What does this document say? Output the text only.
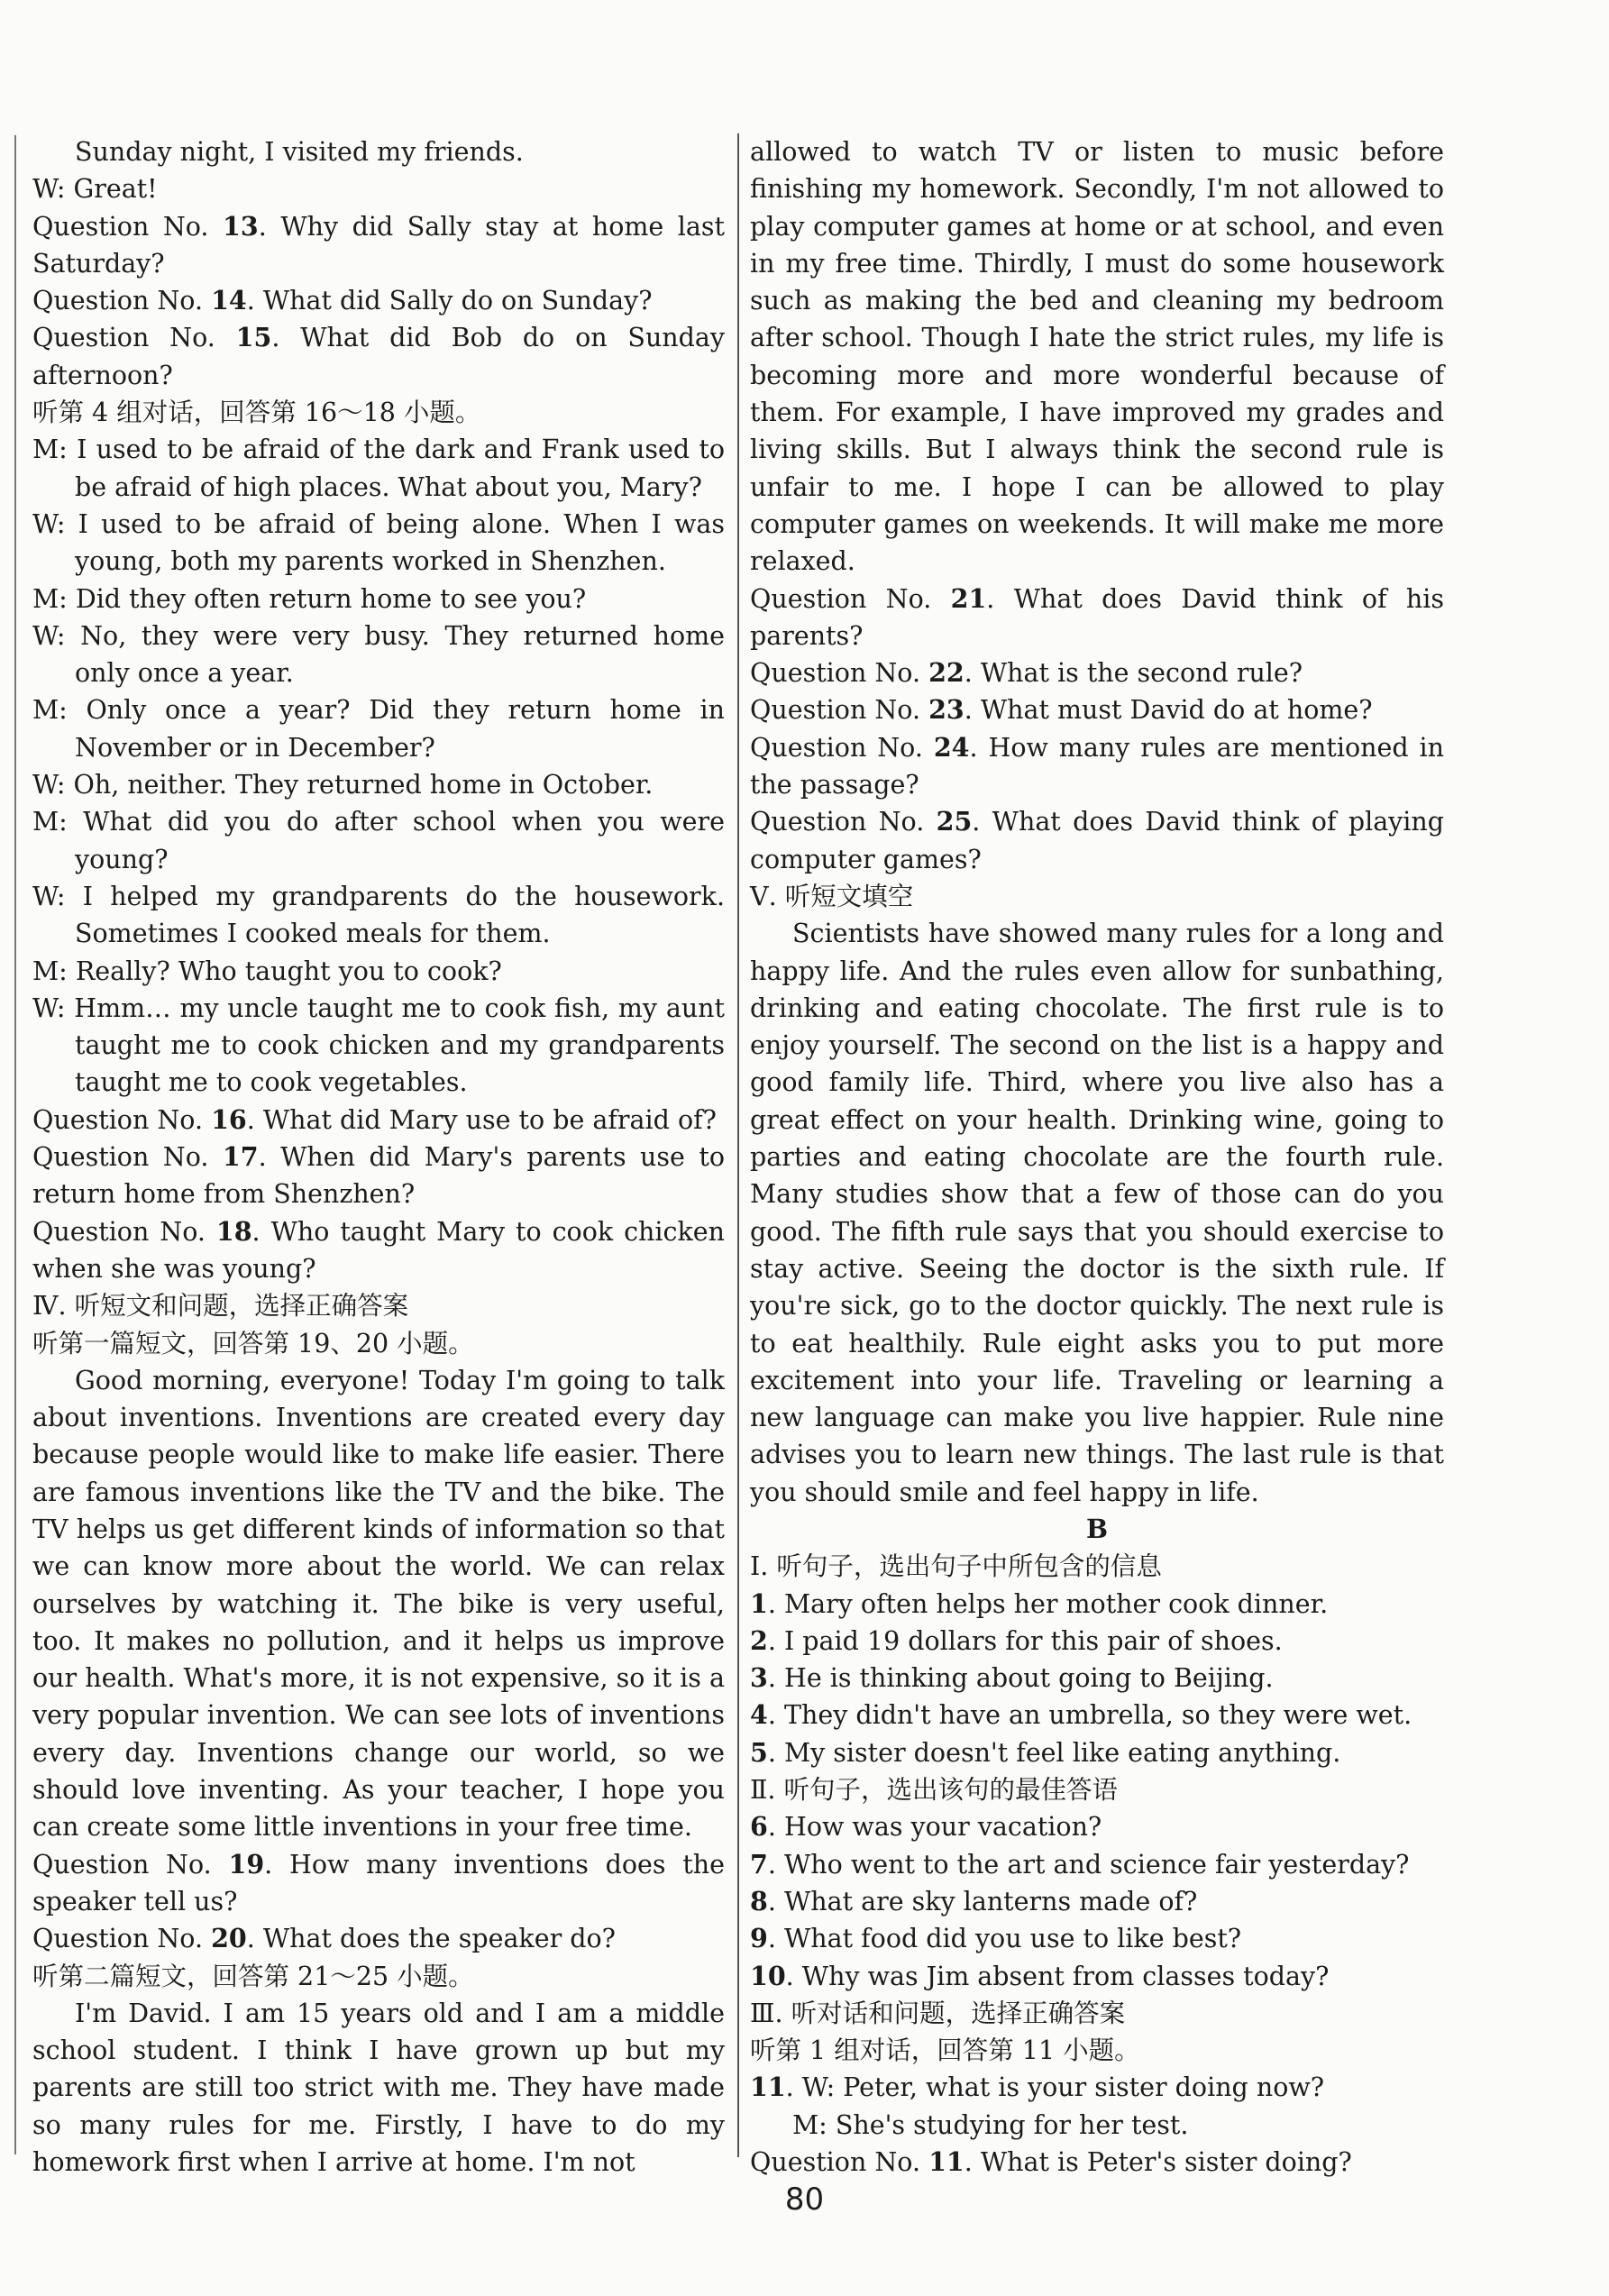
Sunday night, I visited my friends.

W: Great!

Question No. 13. Why did Sally stay at home last Saturday?

Question No. 14. What did Sally do on Sunday?

Question No. 15. What did Bob do on Sunday afternoon?

听第 4 组对话，回答第 16～18 小题。

M: I used to be afraid of the dark and Frank used to be afraid of high places. What about you, Mary?

W: I used to be afraid of being alone. When I was young, both my parents worked in Shenzhen.

M: Did they often return home to see you?

W: No, they were very busy. They returned home only once a year.

M: Only once a year? Did they return home in November or in December?

W: Oh, neither. They returned home in October.

M: What did you do after school when you were young?

W: I helped my grandparents do the housework. Sometimes I cooked meals for them.

M: Really? Who taught you to cook?

W: Hmm… my uncle taught me to cook fish, my aunt taught me to cook chicken and my grandparents taught me to cook vegetables.

Question No. 16. What did Mary use to be afraid of?

Question No. 17. When did Mary's parents use to return home from Shenzhen?

Question No. 18. Who taught Mary to cook chicken when she was young?

Ⅳ. 听短文和问题，选择正确答案

听第一篇短文，回答第 19、20 小题。

Good morning, everyone! Today I'm going to talk about inventions. Inventions are created every day because people would like to make life easier. There are famous inventions like the TV and the bike. The TV helps us get different kinds of information so that we can know more about the world. We can relax ourselves by watching it. The bike is very useful, too. It makes no pollution, and it helps us improve our health. What's more, it is not expensive, so it is a very popular invention. We can see lots of inventions every day. Inventions change our world, so we should love inventing. As your teacher, I hope you can create some little inventions in your free time.

Question No. 19. How many inventions does the speaker tell us?

Question No. 20. What does the speaker do?

听第二篇短文，回答第 21～25 小题。

I'm David. I am 15 years old and I am a middle school student. I think I have grown up but my parents are still too strict with me. They have made so many rules for me. Firstly, I have to do my homework first when I arrive at home. I'm not

allowed to watch TV or listen to music before finishing my homework. Secondly, I'm not allowed to play computer games at home or at school, and even in my free time. Thirdly, I must do some housework such as making the bed and cleaning my bedroom after school. Though I hate the strict rules, my life is becoming more and more wonderful because of them. For example, I have improved my grades and living skills. But I always think the second rule is unfair to me. I hope I can be allowed to play computer games on weekends. It will make me more relaxed.

Question No. 21. What does David think of his parents?

Question No. 22. What is the second rule?

Question No. 23. What must David do at home?

Question No. 24. How many rules are mentioned in the passage?

Question No. 25. What does David think of playing computer games?

Ⅴ. 听短文填空

Scientists have showed many rules for a long and happy life. And the rules even allow for sunbathing, drinking and eating chocolate. The first rule is to enjoy yourself. The second on the list is a happy and good family life. Third, where you live also has a great effect on your health. Drinking wine, going to parties and eating chocolate are the fourth rule. Many studies show that a few of those can do you good. The fifth rule says that you should exercise to stay active. Seeing the doctor is the sixth rule. If you're sick, go to the doctor quickly. The next rule is to eat healthily. Rule eight asks you to put more excitement into your life. Traveling or learning a new language can make you live happier. Rule nine advises you to learn new things. The last rule is that you should smile and feel happy in life.

B

Ⅰ. 听句子，选出句子中所包含的信息

1. Mary often helps her mother cook dinner.

2. I paid 19 dollars for this pair of shoes.

3. He is thinking about going to Beijing.

4. They didn't have an umbrella, so they were wet.

5. My sister doesn't feel like eating anything.

Ⅱ. 听句子，选出该句的最佳答语

6. How was your vacation?

7. Who went to the art and science fair yesterday?

8. What are sky lanterns made of?

9. What food did you use to like best?

10. Why was Jim absent from classes today?

Ⅲ. 听对话和问题，选择正确答案

听第 1 组对话，回答第 11 小题。

11. W: Peter, what is your sister doing now?

M: She's studying for her test.

Question No. 11. What is Peter's sister doing?

80
